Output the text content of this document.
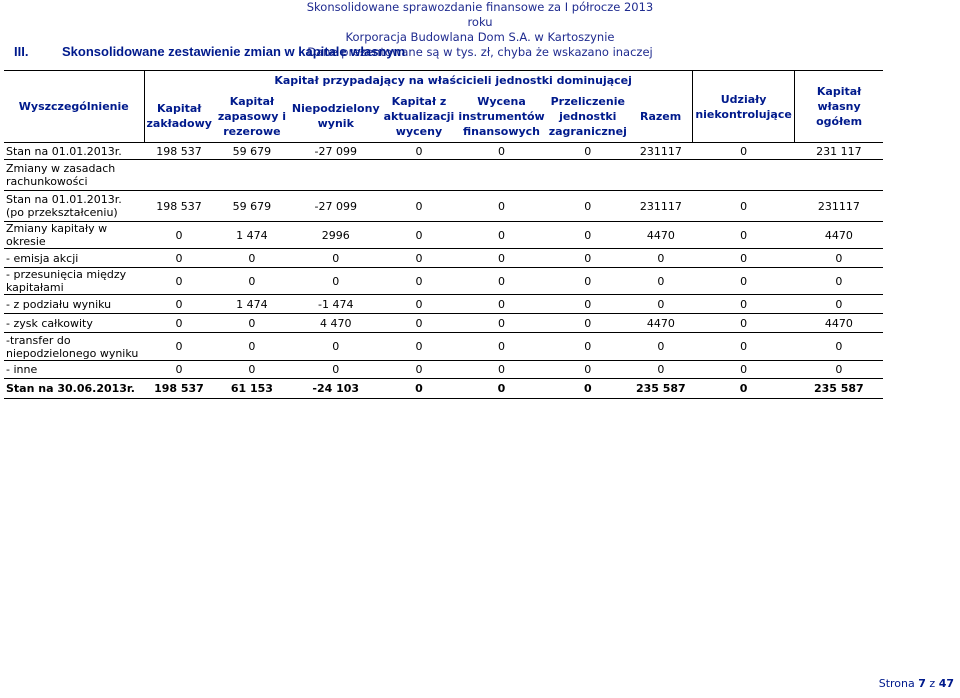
Skonsolidowane sprawozdanie finansowe za I półrocze 2013 roku
Korporacja Budowlana Dom S.A. w Kartoszynie
Dane prezentowane są w tys. zł, chyba że wskazano inaczej
III.	Skonsolidowane zestawienie zmian w kapitale własnym
Wyszczególnienie		Kapitał przypadający na właścicieli jednostki dominującej						Udziały niekontrolujące	Kapitał własny ogółem
	Kapitał zakładowy	Kapitał zapasowy i rezerowe	Niepodzielony wynik	Kapitał z aktualizacji wyceny	Wycena instrumentów finansowych	Przeliczenie jednostki zagranicznej	Razem		
Stan na 01.01.2013r.	198 537	59 679	-27 099	0	0	0	231117	0	231 117
Zmiany w zasadach rachunkowości									
Stan na 01.01.2013r. (po przekształceniu)	198 537	59 679	-27 099	0	0	0	231117	0	231117
Zmiany kapitały w okresie	0	1 474	2996	0	0	0	4470	0	4470
- emisja akcji	0	0	0	0	0	0	0	0	0
- przesunięcia między kapitałami	0	0	0	0	0	0	0	0	0
- z podziału wyniku	0	1 474	-1 474	0	0	0	0	0	0
- zysk całkowity	0	0	4 470	0	0	0	4470	0	4470
-transfer do niepodzielonego wyniku	0	0	0	0	0	0	0	0	0
- inne	0	0	0	0	0	0	0	0	0
Stan na 30.06.2013r.	198 537	61 153	-24 103	0	0	0	235 587	0	235 587
Strona 7 z 47
